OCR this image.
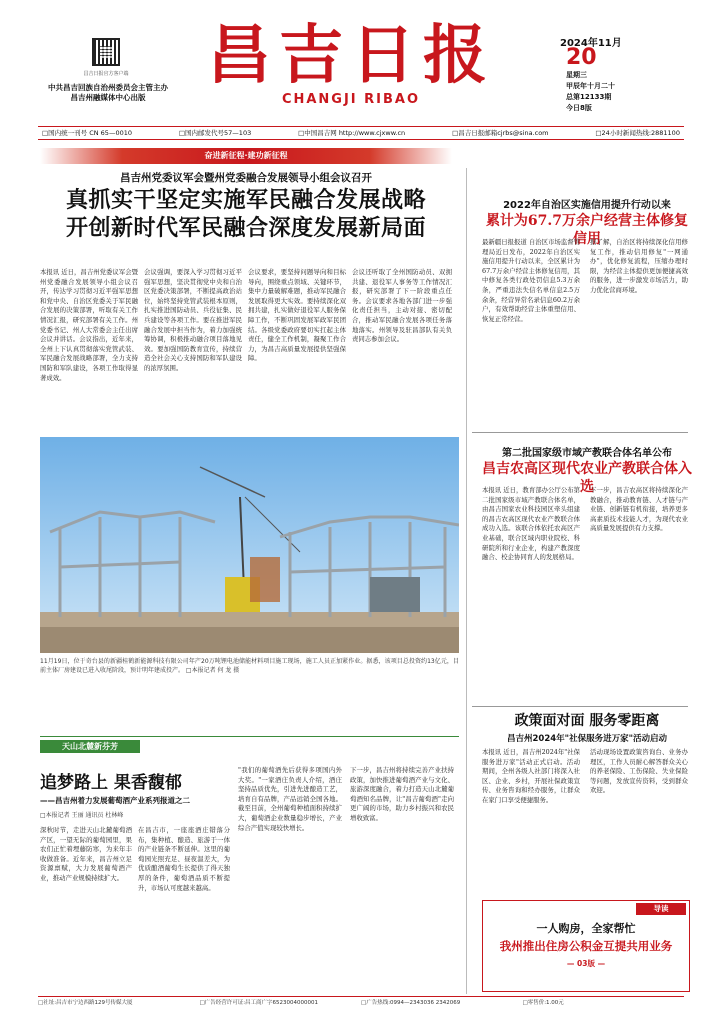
昌吉日报官方客户端
中共昌吉回族自治州委员会主管主办
昌吉州融媒体中心出版
昌吉日报
CHANGJI RIBAO
2024年11月
20
星期三
甲辰年十月二十
总第12133期
今日8版
□国内统一刊号 CN 65—0010	□国内邮发代号57—103	□中国昌吉网 http://www.cjxww.cn	□昌吉日报邮箱cjrbs@sina.com	□24小时新闻热线:2881100
奋进新征程·建功新征程
昌吉州党委议军会暨州党委融合发展领导小组会议召开
真抓实干坚定实施军民融合发展战略
开创新时代军民融合深度发展新局面
本报讯 近日，昌吉州党委议军会暨州党委融合发展领导小组会议召开，传达学习贯彻习近平强军思想和党中央、自治区党委关于军民融合发展的决策部署，听取有关工作情况汇报，研究部署有关工作。州党委书记、州人大常委会主任出席会议并讲话。会议指出，近年来，全州上下认真贯彻落实党管武装、军民融合发展战略部署，全力支持国防和军队建设，各项工作取得显著成效。
会议强调，要深入学习贯彻习近平强军思想，坚决贯彻党中央和自治区党委决策部署，不断提高政治站位，始终坚持党管武装根本原则，扎实推进国防动员、兵役征集、民兵建设等各项工作。要在推进军民融合发展中担当作为，着力加强统筹协调，积极推动融合项目落地见效。要加强国防教育宣传，持续营造全社会关心支持国防和军队建设的浓厚氛围。
会议要求，要坚持问题导向和目标导向，围绕重点领域、关键环节，集中力量破解难题，推动军民融合发展取得更大实效。要持续深化双拥共建，扎实做好退役军人服务保障工作，不断巩固发展军政军民团结。各级党委政府要切实扛起主体责任，健全工作机制，凝聚工作合力，为昌吉高质量发展提供坚强保障。
会议还听取了全州国防动员、双拥共建、退役军人事务等工作情况汇报，研究部署了下一阶段重点任务。会议要求各地各部门进一步强化责任担当，主动对接、密切配合，推动军民融合发展各项任务落地落实。州领导及驻昌部队有关负责同志参加会议。
11月19日，位于奇台县的新疆桂鹤新能源科技有限公司年产20万吨锂电池储能材料项目施工现场，施工人员正加紧作业。据悉，该项目总投资约13亿元，目前主体厂房建设已进入收尾阶段，预计明年建成投产。 □本报记者 何 龙 摄
2022年自治区实施信用提升行动以来
累计为67.7万余户经营主体修复信用
最新疆日报报道 自治区市场监督管理局近日发布，2022年自治区实施信用提升行动以来，全区累计为67.7万余户经营主体修复信用，其中修复各类行政处罚信息5.3万余条，严重违法失信名单信息2.5万余条，经营异常名录信息60.2万余户，有效帮助经营主体重塑信用、恢复正常经营。
据了解，自治区将持续深化信用修复工作，推动信用修复"一网通办"，优化修复流程，压缩办理时限，为经营主体提供更加便捷高效的服务，进一步激发市场活力，助力优化营商环境。
第二批国家级市域产教联合体名单公布
昌吉农高区现代农业产教联合体入选
本报讯 近日，教育部办公厅公布第二批国家级市域产教联合体名单，由昌吉国家农业科技园区牵头组建的昌吉农高区现代农业产教联合体成功入选。该联合体依托农高区产业基础，联合区域内职业院校、科研院所和行业企业，构建产教深度融合、校企协同育人的发展格局。
下一步，昌吉农高区将持续深化产教融合，推动教育链、人才链与产业链、创新链有机衔接，培养更多高素质技术技能人才，为现代农业高质量发展提供有力支撑。
政策面对面 服务零距离
昌吉州2024年"社保服务进万家"活动启动
本报讯 近日，昌吉州2024年"社保服务进万家"活动正式启动。活动期间，全州各级人社部门将深入社区、企业、乡村，开展社保政策宣传、业务咨询和经办服务，让群众在家门口享受便捷服务。
活动现场设置政策咨询台、业务办理区，工作人员耐心解答群众关心的养老保险、工伤保险、失业保险等问题，发放宣传资料，受到群众欢迎。
导读
一人购房，全家帮忙
我州推出住房公积金互提共用业务
— 03版 —
天山北麓新芬芳
追梦路上 果香馥郁
——昌吉州着力发展葡萄酒产业系列报道之二
□本报记者 王丽 通讯员 杜林峰
深秋时节，走进天山北麓葡萄酒产区，一望无际的葡萄园里，果农们正忙着埋藤防寒，为来年丰收做准备。近年来，昌吉州立足资源禀赋，大力发展葡萄酒产业，推动产业规模持续扩大。
在昌吉市，一座座酒庄错落分布，集种植、酿造、旅游于一体的产业链条不断延伸。这里的葡萄园光照充足、昼夜温差大，为优质酿酒葡萄生长提供了得天独厚的条件，葡萄酒品质不断提升，市场认可度越来越高。
"我们的葡萄酒先后获得多项国内外大奖。"一家酒庄负责人介绍，酒庄坚持品质优先，引进先进酿造工艺，培育自有品牌，产品远销全国各地。截至目前，全州葡萄种植面积持续扩大，葡萄酒企业数量稳步增长，产业综合产值实现较快增长。
下一步，昌吉州将持续完善产业扶持政策，加快推进葡萄酒产业与文化、旅游深度融合，着力打造天山北麓葡萄酒知名品牌，让"昌吉葡萄酒"走向更广阔的市场，助力乡村振兴和农民增收致富。
□社址:昌吉市宁边西路129号传媒大厦	□广告经营许可证:昌工商广字6523004000001	□广告热线:0994—2343036 2342069	□零售价:1.00元
